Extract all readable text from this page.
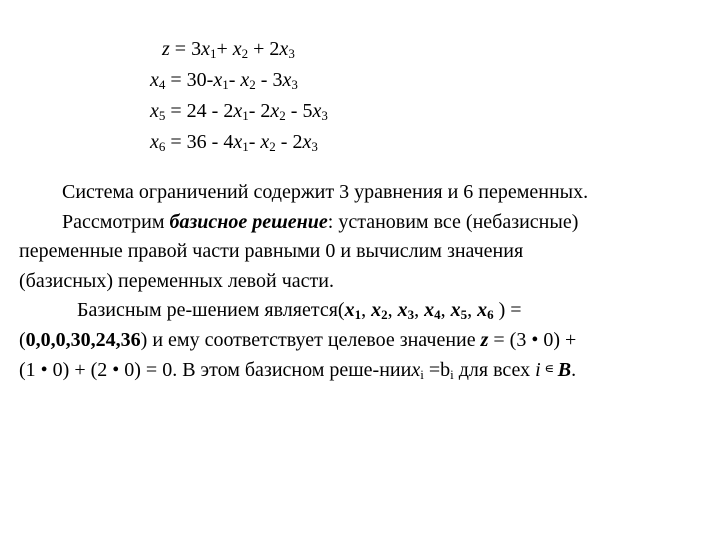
$z = 3x_1+ x_2 + 2x_3$
$x_4 = 30-x_1-$ $x_2 - 3x_3$
$x_5 = 24 - 2x_1-$ $2x_2 - 5x_3$
$x_6 = 36 - 4x_1-$ $x_2 - 2x_3$
Система ограничений содержит 3 уравнения и 6 переменных.
Рассмотрим базисное решение: установим все (небазисные)
переменные правой части равными 0 и вычислим значения
(базисных) переменных левой части.
Базисным ре-шением $является(x_1$, $x_2$, $x_3$, $x_4$, $x_5$, $x_6$ ) =
(0,0,0,30,24,36) и ему соответствует целевое значение z = (3 • 0) +
(1 • 0) + (2 • 0) = 0. В этом базисном реше-нииx$_i$ $=b_i$ для всех i ∊ B.
